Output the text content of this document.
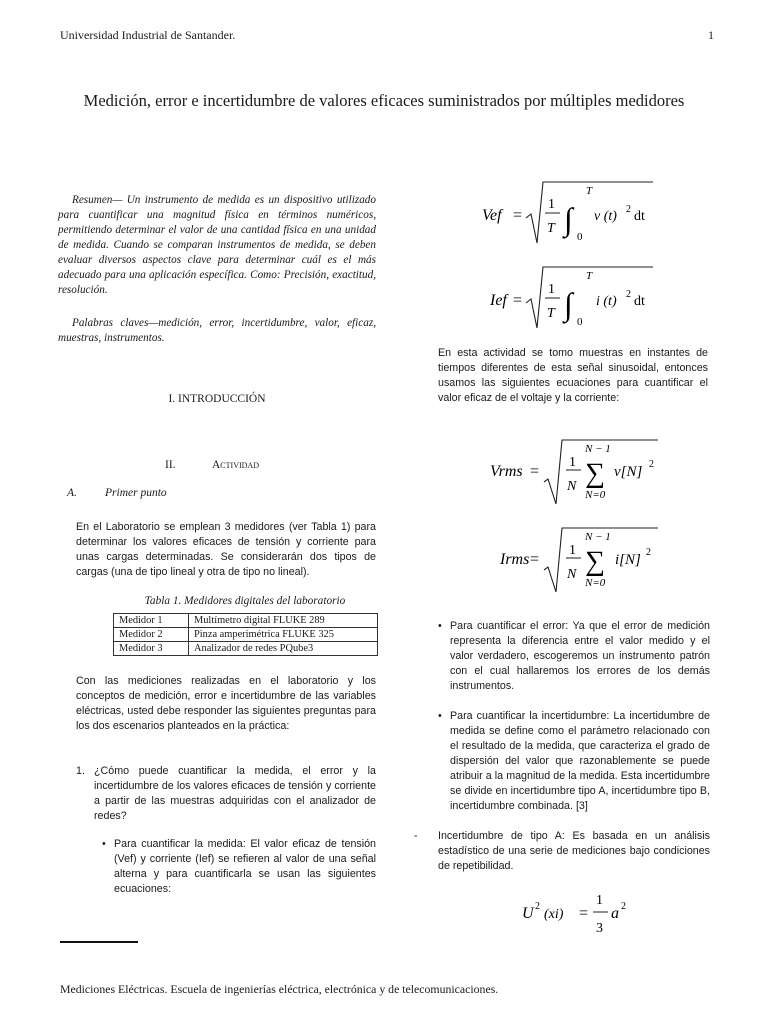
Universidad Industrial de Santander.	1
Medición, error e incertidumbre de valores eficaces suministrados por múltiples medidores
Resumen— Un instrumento de medida es un dispositivo utilizado para cuantificar una magnitud física en términos numéricos, permitiendo determinar el valor de una cantidad física en una unidad de medida. Cuando se comparan instrumentos de medida, se deben evaluar diversos aspectos clave para determinar cuál es el más adecuado para una aplicación específica. Como: Precisión, exactitud, resolución.
Palabras claves—medición, error, incertidumbre, valor, eficaz, muestras, instrumentos.
I. INTRODUCCIÓN
II.	Actividad
A. Primer punto
En el Laboratorio se emplean 3 medidores (ver Tabla 1) para determinar los valores eficaces de tensión y corriente para unas cargas determinadas. Se considerarán dos tipos de cargas (una de tipo lineal y otra de tipo no lineal).
Tabla 1. Medidores digitales del laboratorio
Medidor 1	Multímetro digital FLUKE 289
Medidor 2	Pinza amperimétrica FLUKE 325
Medidor 3	Analizador de redes PQube3
Con las mediciones realizadas en el laboratorio y los conceptos de medición, error e incertidumbre de las variables eléctricas, usted debe responder las siguientes preguntas para los dos escenarios planteados en la práctica:
1. ¿Cómo puede cuantificar la medida, el error y la incertidumbre de los valores eficaces de tensión y corriente a partir de las muestras adquiridas con el analizador de redes?
• Para cuantificar la medida: El valor eficaz de tensión (Vef) y corriente (Ief) se refieren al valor de una señal alterna y para cuantificarla se usan las siguientes ecuaciones:
Vef =
1
T ∫
T
0
v (t) 2 dt
Ief =
1
T ∫
T
0
i (t) 2 dt
En esta actividad se tomo muestras en instantes de tiempos diferentes de esta señal sinusoidal, entonces usamos las siguientes ecuaciones para cuantificar el valor eficaz de el voltaje y la corriente:
Vrms =
1
N
N − 1
∑
N=0
v[N] 2
Irms =
1
N
N − 1
∑
N=0
i[N] 2
• Para cuantificar el error: Ya que el error de medición representa la diferencia entre el valor medido y el valor verdadero, escogeremos un instrumento patrón con el cual hallaremos los errores de los demás instrumentos.
• Para cuantificar la incertidumbre: La incertidumbre de medida se define como el parámetro relacionado con el resultado de la medida, que caracteriza el grado de dispersión del valor que razonablemente se puede atribuir a la magnitud de la medida. Esta incertidumbre se divide en incertidumbre tipo A, incertidumbre tipo B, incertidumbre combinada. [3]
- Incertidumbre de tipo A: Es basada en un análisis estadístico de una serie de mediciones bajo condiciones de repetibilidad.
U 2
(xi) =
1
3
a 2
Mediciones Eléctricas. Escuela de ingenierías eléctrica, electrónica y de telecomunicaciones.
